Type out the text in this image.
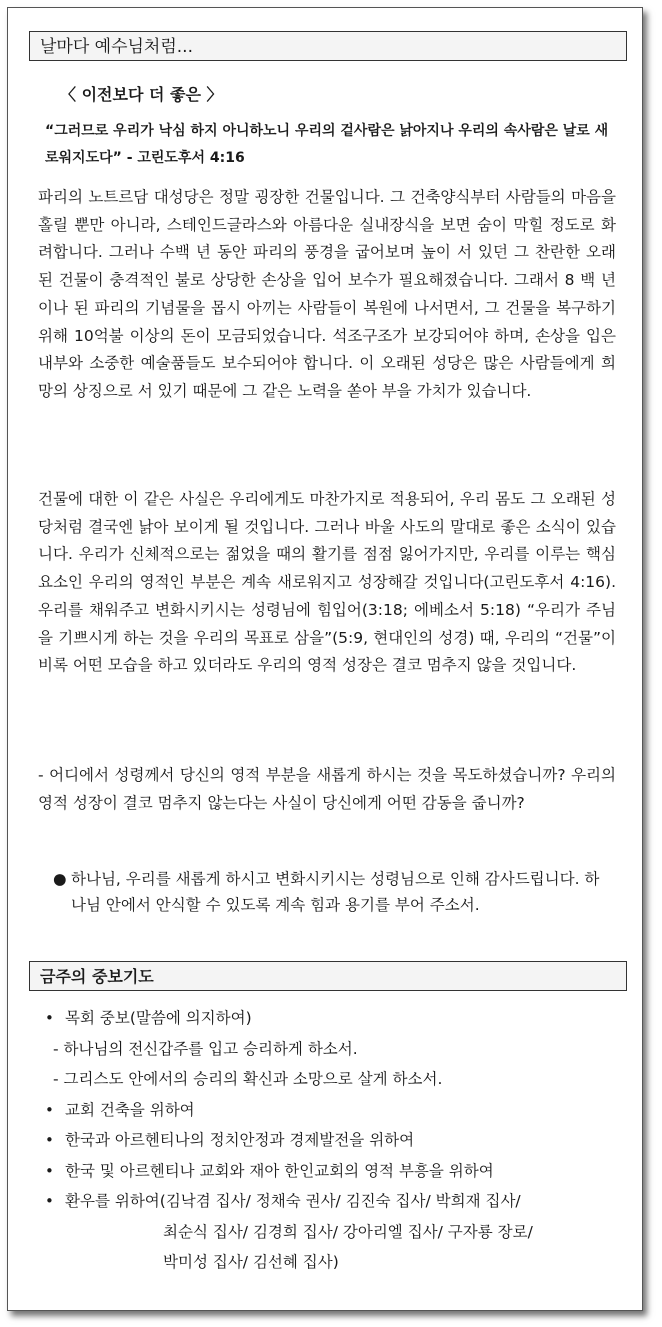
날마다 예수님처럼...
〈 이전보다 더 좋은 〉
“그러므로 우리가 낙심 하지 아니하노니 우리의 겉사람은 낡아지나 우리의 속사람은 날로 새로워지도다” - 고린도후서 4:16

파리의 노트르담 대성당은 정말 굉장한 건물입니다. 그 건축양식부터 사람들의 마음을 홀릴 뿐만 아니라, 스테인드글라스와 아름다운 실내장식을 보면 숨이 막힐 정도로 화려합니다. 그러나 수백 년 동안 파리의 풍경을 굽어보며 높이 서 있던 그 찬란한 오래된 건물이 충격적인 불로 상당한 손상을 입어 보수가 필요해졌습니다. 그래서 8 백 년이나 된 파리의 기념물을 몹시 아끼는 사람들이 복원에 나서면서, 그 건물을 복구하기 위해 10억불 이상의 돈이 모금되었습니다. 석조구조가 보강되어야 하며, 손상을 입은 내부와 소중한 예술품들도 보수되어야 합니다. 이 오래된 성당은 많은 사람들에게 희망의 상징으로 서 있기 때문에 그 같은 노력을 쏟아 부을 가치가 있습니다.

건물에 대한 이 같은 사실은 우리에게도 마찬가지로 적용되어, 우리 몸도 그 오래된 성당처럼 결국엔 낡아 보이게 될 것입니다. 그러나 바울 사도의 말대로 좋은 소식이 있습니다. 우리가 신체적으로는 젊었을 때의 활기를 점점 잃어가지만, 우리를 이루는 핵심 요소인 우리의 영적인 부분은 계속 새로워지고 성장해갈 것입니다(고린도후서 4:16). 우리를 채워주고 변화시키시는 성령님에 힘입어(3:18; 에베소서 5:18) “우리가 주님을 기쁘시게 하는 것을 우리의 목표로 삼을”(5:9, 현대인의 성경) 때, 우리의 “건물”이 비록 어떤 모습을 하고 있더라도 우리의 영적 성장은 결코 멈추지 않을 것입니다.

- 어디에서 성령께서 당신의 영적 부분을 새롭게 하시는 것을 목도하셨습니까? 우리의 영적 성장이 결코 멈추지 않는다는 사실이 당신에게 어떤 감동을 줍니까?

● 하나님, 우리를 새롭게 하시고 변화시키시는 성령님으로 인해 감사드립니다. 하나님 안에서 안식할 수 있도록 계속 힘과 용기를 부어 주소서.
금주의 중보기도
• 목회 중보(말씀에 의지하여)
- 하나님의 전신갑주를 입고 승리하게 하소서.
- 그리스도 안에서의 승리의 확신과 소망으로 살게 하소서.
• 교회 건축을 위하여
• 한국과 아르헨티나의 정치안정과 경제발전을 위하여
• 한국 및 아르헨티나 교회와 재아 한인교회의 영적 부흥을 위하여
• 환우를 위하여(김낙겸 집사/ 정채숙 권사/ 김진숙 집사/ 박희재 집사/
최순식 집사/ 김경희 집사/ 강아리엘 집사/ 구자룡 장로/
박미성 집사/ 김선혜 집사)
